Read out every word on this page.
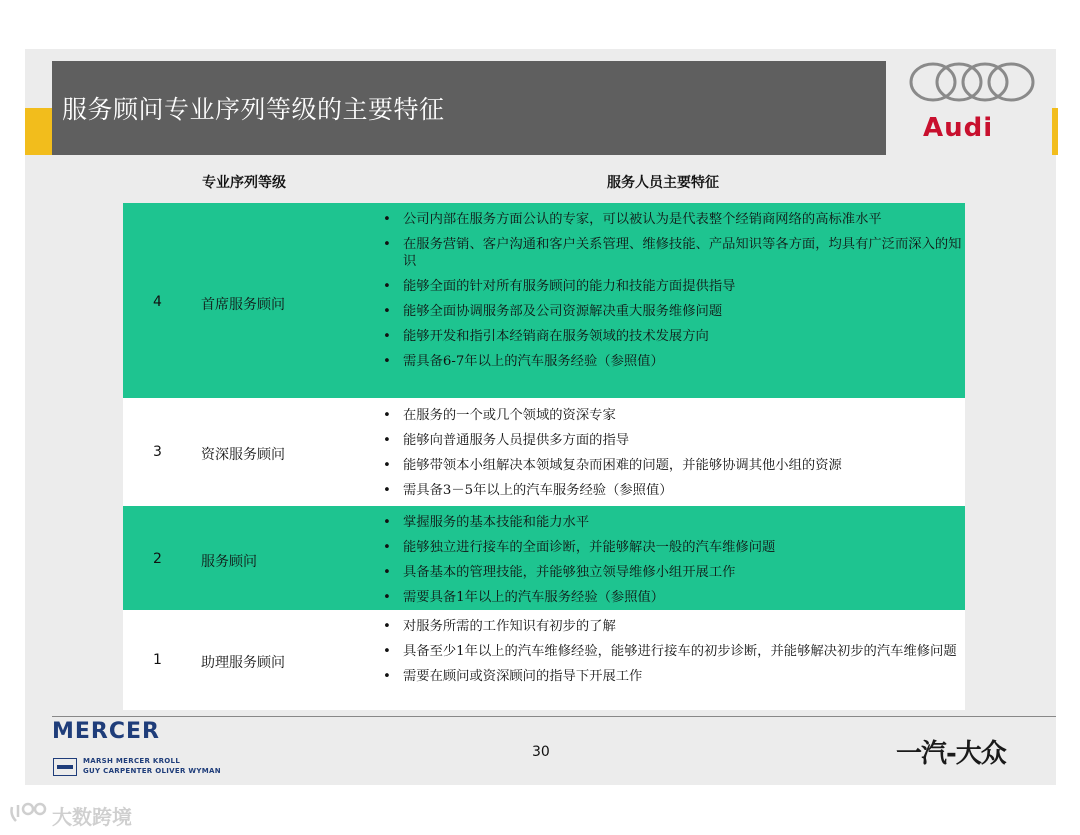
服务顾问专业序列等级的主要特征
Audi
专业序列等级	服务人员主要特征
4	首席服务顾问
• 公司内部在服务方面公认的专家，可以被认为是代表整个经销商网络的高标准水平
• 在服务营销、客户沟通和客户关系管理、维修技能、产品知识等各方面，均具有广泛而深入的知识
• 能够全面的针对所有服务顾问的能力和技能方面提供指导
• 能够全面协调服务部及公司资源解决重大服务维修问题
• 能够开发和指引本经销商在服务领域的技术发展方向
• 需具备6-7年以上的汽车服务经验（参照值）
3	资深服务顾问
• 在服务的一个或几个领域的资深专家
• 能够向普通服务人员提供多方面的指导
• 能够带领本小组解决本领域复杂而困难的问题，并能够协调其他小组的资源
• 需具备3－5年以上的汽车服务经验（参照值）
2	服务顾问
• 掌握服务的基本技能和能力水平
• 能够独立进行接车的全面诊断，并能够解决一般的汽车维修问题
• 具备基本的管理技能，并能够独立领导维修小组开展工作
• 需要具备1年以上的汽车服务经验（参照值）
1	助理服务顾问
• 对服务所需的工作知识有初步的了解
• 具备至少1年以上的汽车维修经验，能够进行接车的初步诊断，并能够解决初步的汽车维修问题
• 需要在顾问或资深顾问的指导下开展工作
MERCER
MARSH MERCER KROLL
GUY CARPENTER OLIVER WYMAN
30	一汽-大众
大数跨境
